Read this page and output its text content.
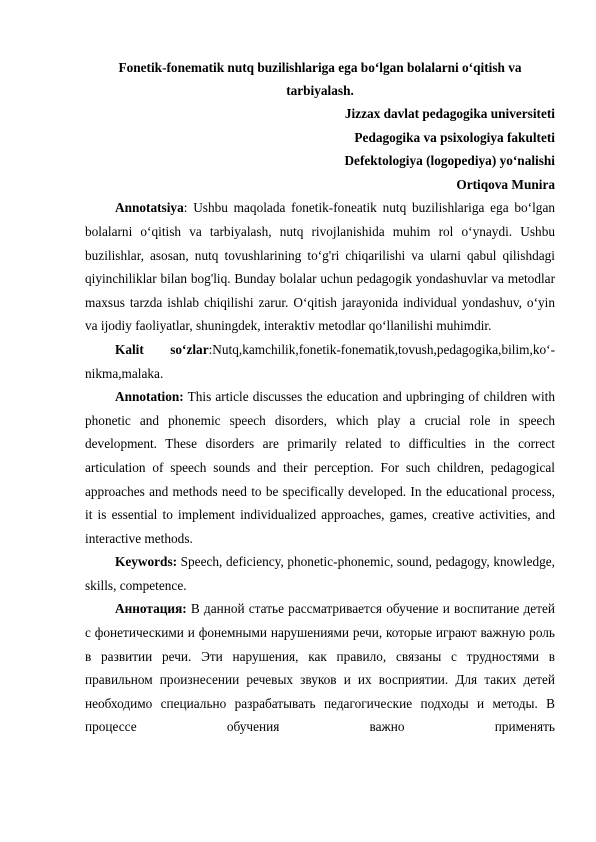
Fonetik-fonematik nutq buzilishlariga ega bo‘lgan bolalarni o‘qitish va tarbiyalash.

Jizzax davlat pedagogika universiteti
Pedagogika va psixologiya fakulteti
Defektologiya (logopediya) yo‘nalishi
Ortiqova Munira

Annotatsiya: Ushbu maqolada fonetik-foneatik nutq buzilishlariga ega bo‘lgan bolalarni o‘qitish va tarbiyalash, nutq rivojlanishida muhim rol o‘ynaydi. Ushbu buzilishlar, asosan, nutq tovushlarining to‘g'ri chiqarilishi va ularni qabul qilishdagi qiyinchiliklar bilan bog'liq. Bunday bolalar uchun pedagogik yondashuvlar va metodlar maxsus tarzda ishlab chiqilishi zarur. O‘qitish jarayonida individual yondashuv, o‘yin va ijodiy faoliyatlar, shuningdek, interaktiv metodlar qo‘llanilishi muhimdir.

Kalit so‘zlar:Nutq,kamchilik,fonetik-fonematik,tovush,pedagogika,bilim,ko‘-nikma,malaka.

Annotation: This article discusses the education and upbringing of children with phonetic and phonemic speech disorders, which play a crucial role in speech development. These disorders are primarily related to difficulties in the correct articulation of speech sounds and their perception. For such children, pedagogical approaches and methods need to be specifically developed. In the educational process, it is essential to implement individualized approaches, games, creative activities, and interactive methods.

Keywords: Speech, deficiency, phonetic-phonemic, sound, pedagogy, knowledge, skills, competence.

Аннотация: В данной статье рассматривается обучение и воспитание детей с фонетическими и фонемными нарушениями речи, которые играют важную роль в развитии речи. Эти нарушения, как правило, связаны с трудностями в правильном произнесении речевых звуков и их восприятии. Для таких детей необходимо специально разрабатывать педагогические подходы и методы. В процессе обучения важно применять
